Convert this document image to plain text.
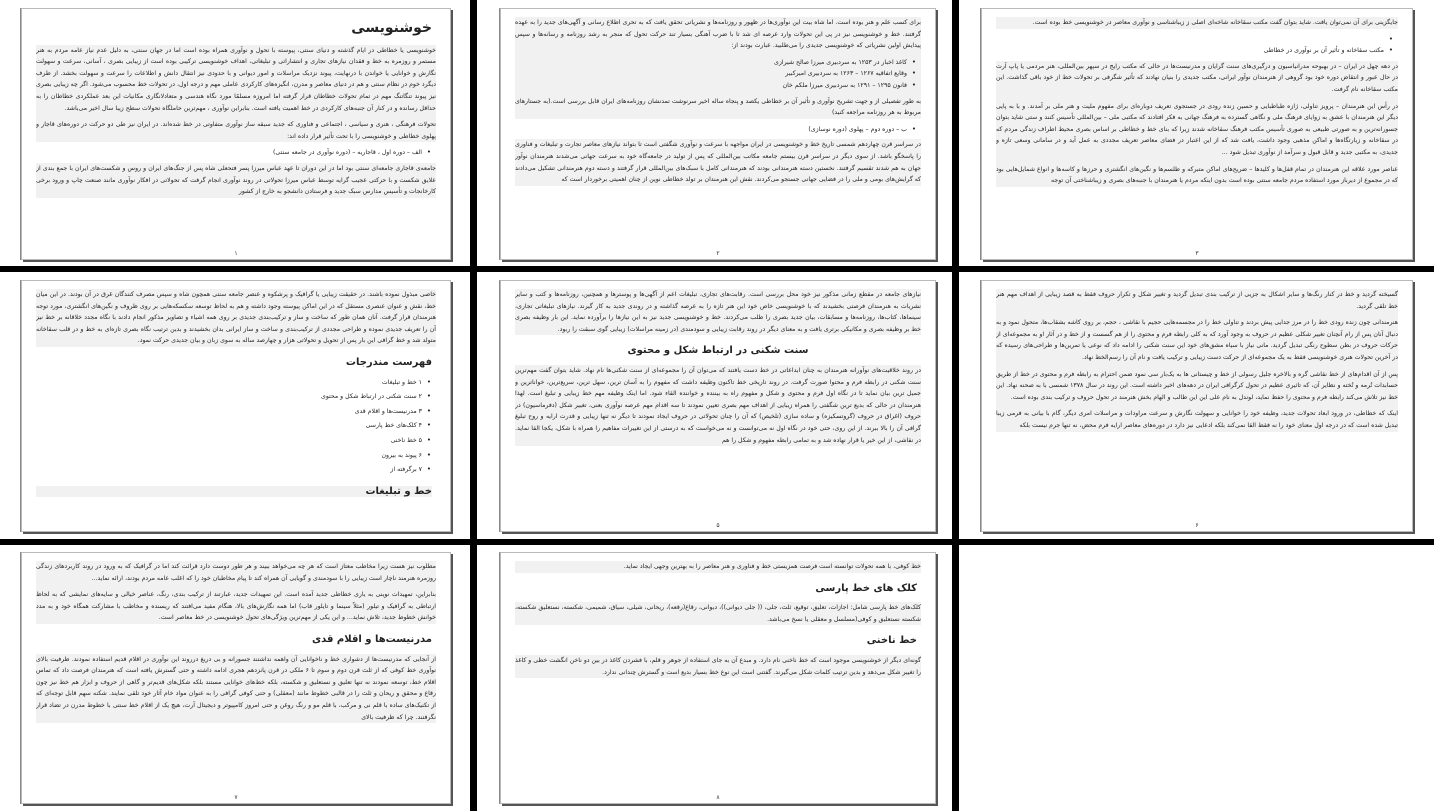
خوشنویسی

خوشنویسی یا خطاطی در ایام گذشته و دنیای سنتی، پیوسته با تحول و نوآوری همراه بوده است اما در جهان سنتی، به دلیل عدم نیاز عامه مردم به هنر مستمر و روزمره به خط و فقدان نیازهای تجاری و انتشاراتی و تبلیغاتی، اهداف خوشنویسی ترکیبی بوده است از زیبایی بصری ، آسانی، سرعت و سهولت نگارش و خوانایی یا خواندن با درنهایت، پیوند نزدیک مراسلات و امور دیوانی و با حدودی نیز انتقال دانش و اطلاعات را سرعت و سهولت بخشد. از طرف دیگرد خوم در نظام سنتی و هم در دنیای معاصر و مدرن، انگیزه‌های کارکردی عاملی مهم و درجه اول، در تحولات خط محسوب می‌شود. اگر چه زیبایی بصری نیز پیوند تنگاتنگ مهم در تمام تحولات خطاطان قرار گرفته اما امروزه مسلمًا مورد نگاه هندسی و متعادلانگاری مکانیات این بعد عملکردی خطاطان را به حداقل رسانده و در کنار آن جنبه‌های کارکردی در خط اهمیت یافته است. بنابراین نوآوری ، مهم‌ترین حاملگاه تحولات سطح زیبا سال اخیر می‌باشد.

تحولات فرهنگی ، هنری و سیاسی ، اجتماعی و فناوری که جدید سبقه ساز نوآوری متفاوتی در خط شده‌اند. در ایران نیز طی دو حرکت در دوره‌های قاجار و پهلوی خطاطی و خوشنویسی را با تحت تأثیر قرار داده اند:

• الف – دوره اول ، قاجاریه – (دوره نوآوری در جامعه سنتی)

جامعه‌ی قاجاری جامعه‌ای سنتی بود اما در این دوران تا عهد عباس میرزا پسر فتحعلی شاه پس از جنگ‌های ایران و روس و شکست‌های ایران با جمع بندی از علایق شکست و با حرکتی عجیب گرایه توسط عباس میرزا تحولاتی در روند نوآوری انجام گرفت که تحولاتی در افکار نوآوری مانند صنعت چاپ و ورود برخی کارخانجات و تأسیس مدارس سبک جدید و فرستادن دانشجو به خارج از کشور

۱

برای کسب علم و هنر بوده است. اما شاه بیت این نوآوری‌ها در ظهور و روزنامه‌ها و نشریاتی تحقق یافت که به تحری اطلاع رسانی و آگهی‌های جدید را به عهده گرفتند. خط و خوشنویسی نیز در پی این تحولات وارد عرصه ای شد تا با ضرب آهنگی بسیار تند حرکت تحول که منجر به رشد روزنامه و رسانه‌ها و سپس پیدایش اولین نشریاتی که خوشنویسی جدیدی را می‌طلبید. عبارت بودند از:

• کاغذ اخبار در ۱۲۵۳ به سردبیری میرزا صالح شیرازی
• وقایع اتفاقیه ۱۲۶۷ – ۱۲۶۳ به سردبیری امیرکبیر
• قانون ۱۲۹۵ – ۱۲۹۱ به سردبیری میرزا ملکم خان

به طور تفصیلی از و جهت تشریح نوآوری و تأثیر آن بر خطاطی یکصد و پنجاه ساله اخیر سرنوشت تمدنشان روزنامه‌های ایران قابل بررسی است.(به جستارهای مربوط به هر روزنامه مراجعه کنید)

• ب – دوره دوم – پهلوی (دوره نوسازی)

در سراسر قرن چهاردهم شمسی تاریخ خط و خوشنویسی در ایران مواجهه با سرعت و نوآوری شگفتی است تا بتواند نیازهای معاصر تجارت و تبلیغات و فناوری را پاسخگو باشد. از سوی دیگر در سراسر قرن بیستم جامعه مکاتب بین‌المللی که پس از تولید در جامعه‌گاه خود به سرعت جهانی می‌شدند هنرمندان نوآور جهان به هم شدند تقسیم گرفتند. نخستین دسته هنرمندانی بودند که هنرمندانی کامل با سبک‌های بین‌المللی قرار گرفتند و دسته دوم هنرمندانی تشکیل می‌دادند که گرایش‌های بومی و ملی را در فضایی جهانی جستجو می‌کردند. نقش این هنرمندان بر تولد خطاطی نوین از چنان اهمیتی برخوردار است که

۲

جایگزینی برای آن نمی‌توان یافت. شاید بتوان گفت مکتب سقاخانه شاخه‌ای اصلی ز زیباشناسی و نوآوری معاصر در خوشنویسی خط بوده است.

•
• مکتب سقاخانه و تأثیر آن بر نوآوری در خطاطی

در دهه چهل در ایران – در بهبوحه مدرانیاسیون و درگیری‌های سنت گرایان و مدرنیست‌ها در حالی که مکتب رایج در سپهر بین‌المللی، هنر مردمی یا پاپ آرت در حال عبور و انتقاض دوره خود بود گروهی از هنرمندان نوآور ایرانی، مکتب جدیدی را بنیان نهادند که تأثیر شگرفی بر تحولات خط از خود باقی گذاشت. این مکتب سقاخانه نام گرفت.

در رأس این هنرمندان – پرویز تناولی، ژازه طباطبایی و حسین زنده رودی در جستجوی تعریف دوباره‌ای برای مفهوم ملیت و هنر ملی بر آمدند. و با به پایی دیگر این هنرمندان با عشق به زوایای فرهنگ ملی و نگاهی گسترده به فرهنگ جهانی به فکر افتادند که مکتبی ملی – بین‌المللی تأسیس کنند و ستی شاید بتوان جسورانه‌ترین و به صورتی طبیعی به صوری تأسیس مکتب فرهنگ سقاخانه شدند زیرا که بنای خط و خطاطی بر اساس بصری محیط اطراف زندگی مردم که در سقاخانه و زیارتگاه‌ها و اماکن مذهبی وجود داشت، یافت شد که از این اعتبار در فضای معاصر تعریف مجددی به عمل آید و در سامانی وسعی تازه و جدیدی، به مکتبی جدید و قابل قبول و سرآمد از نوآوری تبدیل شود ...

عناصر مورد علاقه این هنرمندان در تمام قفل‌ها و کلیدها – ضریح‌های اماکن متبرکه و طلسم‌ها و نگین‌های انگشتری و حرزها و کاسه‌ها و انواع شمایل‌هایی بود که در مجموع از دیرباز مورد استفاده مردم جامعه سنتی بوده است بدون اینکه مردم یا هنرمندان با جنبه‌های بصری و زیباشناختی آن توجه

۳

خاصی مبذول نموده باشند. در حقیقت زیبایی یا گرافیک و پرشکوه و عنصر جامعه سنتی همچون شاه و سپس مصرف کنندگان غرق در آن بودند. در این میان خط، نقش و عنوان عنصری مستقل که در این اماکن پیوسته وجود داشته و هم به لحاظ توسعه سکسکه‌هایی بر روی ظروف و نگین‌های انگشتری، مورد توجه هنرمندان قرار گرفت. آنان همان طور که ساخت و ساز و ترکیب‌بندی جدیدی بر روی همه اشیاء و تصاویر مذکور انجام دادند با نگاه مجدد خلاقانه بر خط نیز آن را تعریف جدیدی نموده و طراحی مجددی از ترکیب‌بندی و ساخت و ساز ایرانی بدان بخشیدند و بدین ترتیب نگاه بصری تازه‌ای به خط و در قلب سقاخانه متولد شد و خط گرافی این بار پس از تحویل و تحولاتی هزار و چهارصد ساله به سوی زبان و بیان جدیدی حرکت نمود.

فهرست مندرجات
• ۱ خط و تبلیغات
• ۲ سنت شکنی در ارتباط شکل و محتوی
• ۳ مدرنیست‌ها و اقلام قدی
• ۴ کلک‌های خط پارسی
• ۵ خط ناخنی
• ۶ پیوند به بیرون
• ۷ برگرفته از
خط و تبلیغات

نیازهای جامعه در مقطع زمانی مذکور نیز خود محل بررسی است. رقابت‌های تجاری، تبلیغات اعم از آگهی‌ها و پوسترها و همچنین، روزنامه‌ها و کتب و سایر نشریات به هنرمندان فرصتی بخشیدند که با خوشنویسی خاص خود این هنر تازه را به عرصه گذاشته و در روندی جدید به کار گیرند. نیازهای تبلیغاتی تجاری، سینماها، کتاب‌ها، روزنامه‌ها و مسابقات، بیان جدید بصری را طلب می‌کردند. خط و خوشنویسی جدید نیز به این نیازها را برآورده نماید. این بار وظیفه بصری خط بر وظیفه بصری و مکانیکی برتری یافت و به معنای دیگر در روند رقابت زیبایی و سودمندی (در زمینه مراسلات) زیبایی گوی سبقت را ربود.

سنت شکنی در ارتباط شکل و محتوی

در روند خلاقیت‌های نوآورانه هنرمندان به چنان ابداعاتی در خط دست یافتند که می‌توان آن را مجموعه‌ای از سنت شکنی‌ها نام نهاد. شاید بتوان گفت مهم‌ترین سنت شکنی در رابطه فرم و محتوا صورت گرفت. در روند تاریخی خط تاکنون وظیفه داشت که مفهوم را به آسان ترین، سهل ترین، سریع‌ترین، خواناترین و جمیل ترین بیان نماید تا در نگاه اول فرم و محتوی و شکل و مفهوم راه به بیننده و خواننده القاء شود. اما اینک وظیفه مهم خط زیبایی و تبلیغ است. لهذا هنرمندان در حالی که بدیع ترین شگفتی را همراه زیبایی از اهداف مهم بصری تعیین نمودند تا سه اقدام مهم عرصه نوآوری بعنی، تغییر شکل (دفرماسیون) در حروف (اغراق در حروف (گروتسکیزه) و ساده سازی (تلخیص) که آن را چنان تحولاتی در حروف ایجاد نمودند تا دیگر نه تنها زیبایی و قدرت ارایه و روح تبلیغ گرافی آن را بالا ببرند. از این روی، حتی خود در نگاه اول نه می‌توانست و نه می‌خواست که به درستی از این تغییرات مفاهیم را همراه با شکل، یکجا القا نماید. در نقاشی، از این خیر یا قرار نهاده شد و به تمامی رابطه مفهوم و شکل را هم

۵

گسیخته گردید و خط در کنار رنگ‌ها و سایر اشکال به جزیی از ترکیب بندی تبدیل گردید و تغییر شکل و تکرار حروف فقط به قصد زیبایی از اهداف مهم هنر خط تلقی گردید.

هنرمندانی چون زنده رودی خط را در مرز جدایی پیش بردند و تناولی خط را در مجسمه‌هایی حجیم با نقاشی ، حجم، بر روی کاشه بشقاب‌ها، متحول نمود و به دنبال آنان پس از رام آنچنان تغییر شکلی عظیم در حروف به وجود آورد که به کلی رابطه فرم و محتوی را از هم گسست و از خط و در آثار او به مجموعه‌ای از حرکات حروف در بطن سطوح رنگی تبدیل گردید. مانی نیاز با سیاه مشق‌های خود این سنت شکنی را ادامه داد که نوعی یا تمرین‌ها و طراحی‌های رسیده که در آخرین تحولات هنری خوشنویسی فقط به یک مجموعه‌ای از حرکت دست زیبایی و ترکیب یافت و نام آن را رسم‌الخط نهاد.

پس از آن اقدام‌های از خط نقاشی گره و بالاخره جلیل رسولی از خط و چیستانی ها به یک‌بار سی نمود ضمن احترام به رابطه فرم و محتوی در خط از طریق حسابدات تُرمه و تُخته و نظایر آن، که تاثیری عظیم در تحول کرگرافی ایران در دهه‌های اخیر داشته است. این روند در سال ۱۳۷۸ شمسی با به صحنه نهاد. این خط نیز تلاش می‌کند رابطه فرم و محتوی را حفظ نماید، لوندل به نام علی این این طالب و الهام بخش هنرمند در تحول حروف و ترکیب بندی بوده است.

اینک که خطاطی، در ورود ابعاد تحولات جدید، وظیفه خود را خوانایی و سهولت نگارش و سرعت مراودات و مراسلات امری دیگر، گام با بیانی به فرمی زیبا تبدیل شده است که در درجه اول معنای خود را نه فقط القا نمی‌کند بلکه ادعایی نیز دارد در دوره‌های معاصر ارایه فرم محض، نه تنها جرم نیست بلکه

۶

مطلوب نیز هست زیرا مخاطب معتاز است که هر چه می‌خواهد ببیند و هر طور دوست دارد قرائت کند اما در گرافیک که به ورود در روند کاربردهای زندگی روزمره هنرمند ناچار است زیبایی را با سودمندی و گویایی آن همراه کند تا پیام مخاطبان خود را که اغلب عامه مردم بودند، ارائه نماید...

بنابراین، تمهیدات نوینی به یاری خطاطی جدید آمده است. این تمهیدات جدید، عبارتند از ترکیب بندی، رنگ، عناصر خیالی و سایه‌های نمایشی که به لحاظ ارتباطی به گرافیک و تیلور (مثلاً سینما و تایلور قاب) اما همه نگارش‌های بالا، هنگام مفید می‌افتند که ریسنده و مخاطب با مشارکت همگاه خود و به مدد خوانش خطوط جدید، تلاش نماید... و این یکی از مهم‌ترین ویژگی‌های تحول خوشنویسی در خط معاصر است.

مدرنیست‌ها و اقلام قدی

از آنجایی که مدرنیست‌ها از دشواری خط و ناخوانایی آن واهمه نداشتند جسورانه و بی دریغ درروند این نوآوری در اقلام قدیم استفاده نمودند. ظرفیت بالای نوآوری خط کوفی که از ثلث قرن دوم و سوم تا ۶ ملکی در قرن پانزدهم هجری ادامه داشته و حتی گسترش یافته است که هنرمندان فرصت داد که تماس اقلام خط، توسعه نمودند نه تنها تعلیق و نستعلیق و شکسته، بلکه خط‌های خوانایی مستند بلکه شکل‌های قدیم‌تر و گاهی از حروف و ابزار هم خط نیز چون رقاع و محقق و ریحان و ثلث را در قالبی خطوط مانند (معقلی) و حتی کوفی گرافی را به عنوان مواد خام آثار خود تلقی نمایند. شکنه سهم قابل توجه‌ای که از تکنیک‌های ساده با قلم نی و مرکب، با قلم مو و رنگ روغن و حتی امروز کامپیوتر و دیجیتال آرت، هیچ یک از اقلام خط سنتی با خطوط مدرن در تضاد قرار نگرفتند. چرا که ظرفیت بالای

۷

خط کوفی، با همه تحولات توانسته است فرصت همزیستی خط و فناوری و هنر معاصر را به بهترین وجهی ایجاد نماید.

کلک های خط پارسی

کلک‌های خط پارسی شامل: اجازات، تعلیق، توقیع، ثلث، جلی، (( جلی دیوانی))، دیوانی، رقاع(رقعه)، ریحانی، شیلی، سیاق، شمیمی، شکسته، نستعلیق شکسته، شکسته نستعلیق و کوفی(مسلسل و معقلی یا نسخ می‌باشد.

خط ناخنی

گونه‌ای دیگر از خوشنویسی موجود است که خط ناخنی نام دارد. و مبدع آن به جای استفاده از جوهر و قلم، با فشردن کاغذ در بین دو ناخن انگشت خطی و کاغذ را تغییر شکل می‌دهد و بدین ترتیب کلمات شکل می‌گیرند. گفتنی است این نوع خط بسیار بدیع است و گسترش چندانی ندارد.

۸
